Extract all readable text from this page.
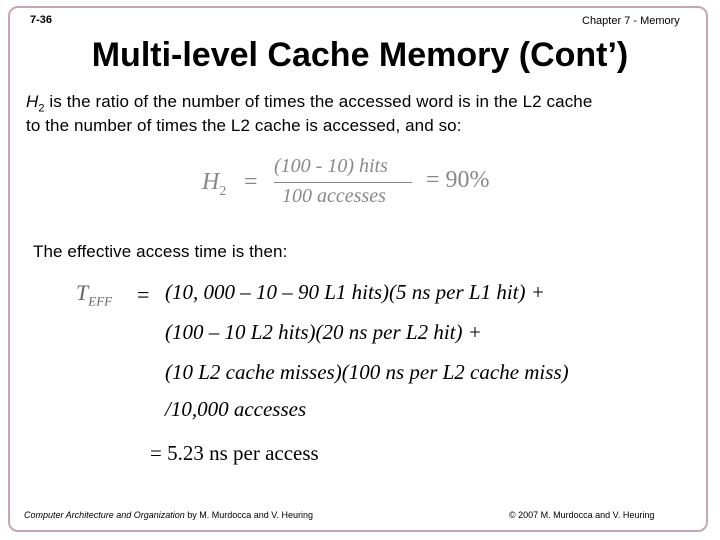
7-36	Chapter 7 - Memory
Multi-level Cache Memory (Cont’)
$H_2$ is the ratio of the number of times the accessed word is in the L2 cache
to the number of times the L2 cache is accessed, and so:
$H_2$ =
(100 - 10) hits
100 accesses
= 90%
The effective access time is then:
$T_{EFF} = (10$, 000 – 10 – 90 L1 hits)(5 ns per L1 hit) +
(100 – 10 L2 hits)(20 ns per L2 hit) +
(10 L2 cache misses)(100 ns per L2 cache miss)
/10,000 accesses
= 5.23 ns per access
Computer Architecture and Organization by M. Murdocca and V. Heuring	© 2007 M. Murdocca and V. Heuring
